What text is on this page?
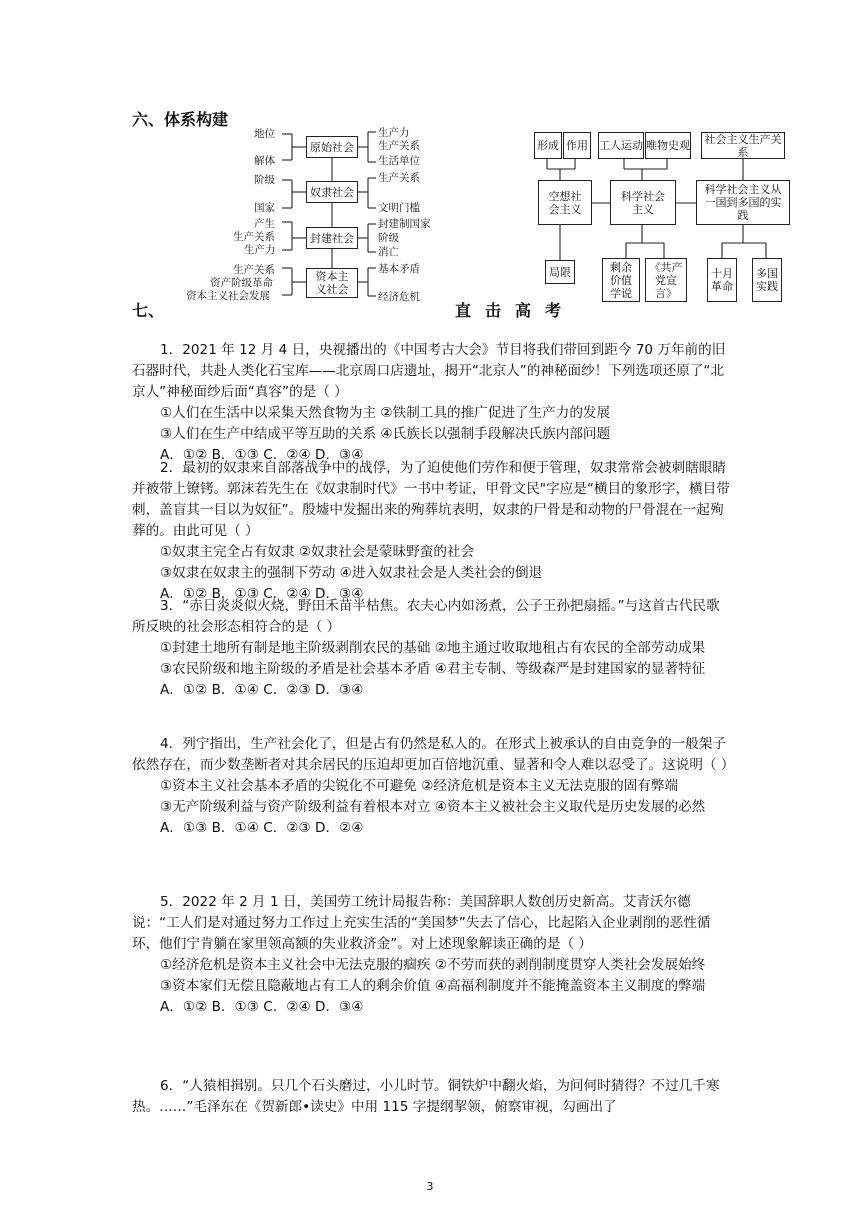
六、体系构建
原始社会
奴隶社会
封建社会
资本主义社会
地位
解体
阶级
国家
产生
生产关系
生产力
生产关系
资产阶级革命
资本主义社会发展
生产力
生产关系
生活单位
生产关系
文明门槛
封建制国家
阶级
消亡
基本矛盾
经济危机
形成 作用 工人运动 唯物史观	社会主义生产关系
空想社会主义
科学社会主义
科学社会主义从一国到多国的实践
局限	剩余价值学说
《共产党宣言》
十月革命
多国实践
七、	直击高考
1．2021 年 12 月 4 日，央视播出的《中国考古大会》节目将我们带回到距今 70 万年前的旧石器时代，共赴人类化石宝库——北京周口店遗址，揭开“北京人”的神秘面纱！下列选项还原了“北京人”神秘面纱后面“真容”的是（ ）
①人们在生活中以采集天然食物为主 ②铁制工具的推广促进了生产力的发展
③人们在生产中结成平等互助的关系 ④氏族长以强制手段解决氏族内部问题
A．①② B．①③ C．②④ D．③④
2．最初的奴隶来自部落战争中的战俘，为了迫使他们劳作和便于管理，奴隶常常会被刺瞎眼睛并被带上镣铐。郭沫若先生在《奴隶制时代》一书中考证，甲骨文民"字应是“横目的象形字，横目带刺，盖盲其一目以为奴征”。殷墟中发掘出来的殉葬坑表明，奴隶的尸骨是和动物的尸骨混在一起殉葬的。由此可见（ ）
①奴隶主完全占有奴隶 ②奴隶社会是蒙昧野蛮的社会
③奴隶在奴隶主的强制下劳动 ④进入奴隶社会是人类社会的倒退
A．①② B．①③ C．②④ D．③④
3．“赤日炎炎似火烧，野田禾苗半枯焦。农夫心内如汤煮，公子王孙把扇摇。”与这首古代民歌所反映的社会形态相符合的是（ ）
①封建土地所有制是地主阶级剥削农民的基础 ②地主通过收取地租占有农民的全部劳动成果
③农民阶级和地主阶级的矛盾是社会基本矛盾 ④君主专制、等级森严是封建国家的显著特征
A．①② B．①④ C．②③ D．③④
4．列宁指出，生产社会化了，但是占有仍然是私人的。在形式上被承认的自由竞争的一般架子依然存在，而少数垄断者对其余居民的压迫却更加百倍地沉重、显著和令人难以忍受了。这说明（ ）
①资本主义社会基本矛盾的尖锐化不可避免 ②经济危机是资本主义无法克服的固有弊端
③无产阶级利益与资产阶级利益有着根本对立 ④资本主义被社会主义取代是历史发展的必然
A．①③ B．①④ C．②③ D．②④
5．2022 年 2 月 1 日，美国劳工统计局报告称：美国辞职人数创历史新高。艾青沃尔德说：“工人们是对通过努力工作过上充实生活的“美国梦”失去了信心，比起陷入企业剥削的恶性循环，他们宁肯躺在家里领高额的失业救济金”。对上述现象解读正确的是（ ）
①经济危机是资本主义社会中无法克服的痼疾 ②不劳而获的剥削制度贯穿人类社会发展始终
③资本家们无偿且隐蔽地占有工人的剩余价值 ④高福利制度并不能掩盖资本主义制度的弊端
A．①② B．①③ C．②④ D．③④
6．“人猿相揖别。只几个石头磨过，小儿时节。铜铁炉中翻火焰，为问何时猜得？不过几千寒热。……”毛泽东在《贺新郎•读史》中用 115 字提纲挈领，俯察审视，勾画出了
3
